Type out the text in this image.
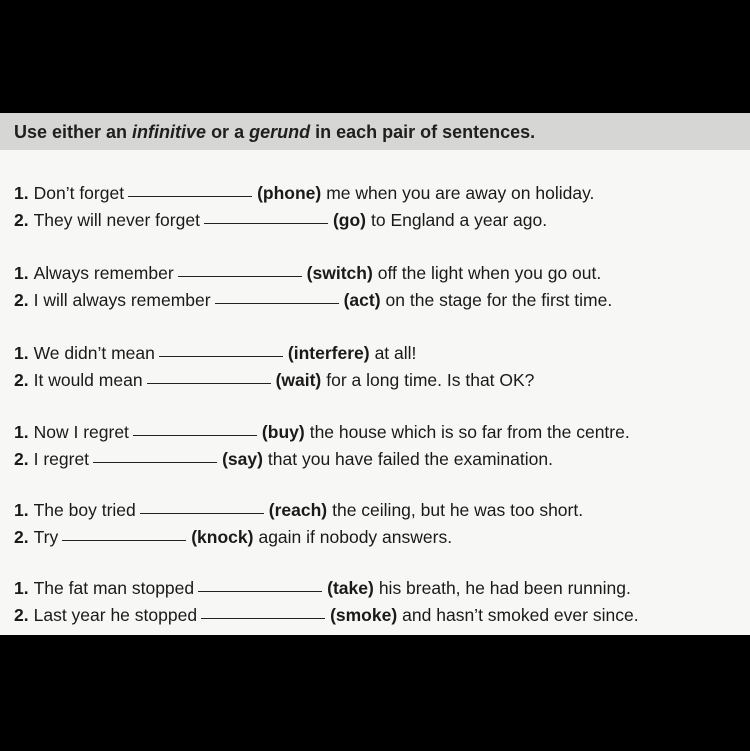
Use either an infinitive or a gerund in each pair of sentences.
1. Don’t forget	(phone) me when you are away on holiday.
2. They will never forget	(go) to England a year ago.
1. Always remember	(switch) off the light when you go out.
2. I will always remember	(act) on the stage for the first time.
1. We didn’t mean	(interfere) at all!
2. It would mean	(wait) for a long time. Is that OK?
1. Now I regret	(buy) the house which is so far from the centre.
2. I regret	(say) that you have failed the examination.
1. The boy tried	(reach) the ceiling, but he was too short.
2. Try	(knock) again if nobody answers.
1. The fat man stopped	(take) his breath, he had been running.
2. Last year he stopped	(smoke) and hasn’t smoked ever since.
